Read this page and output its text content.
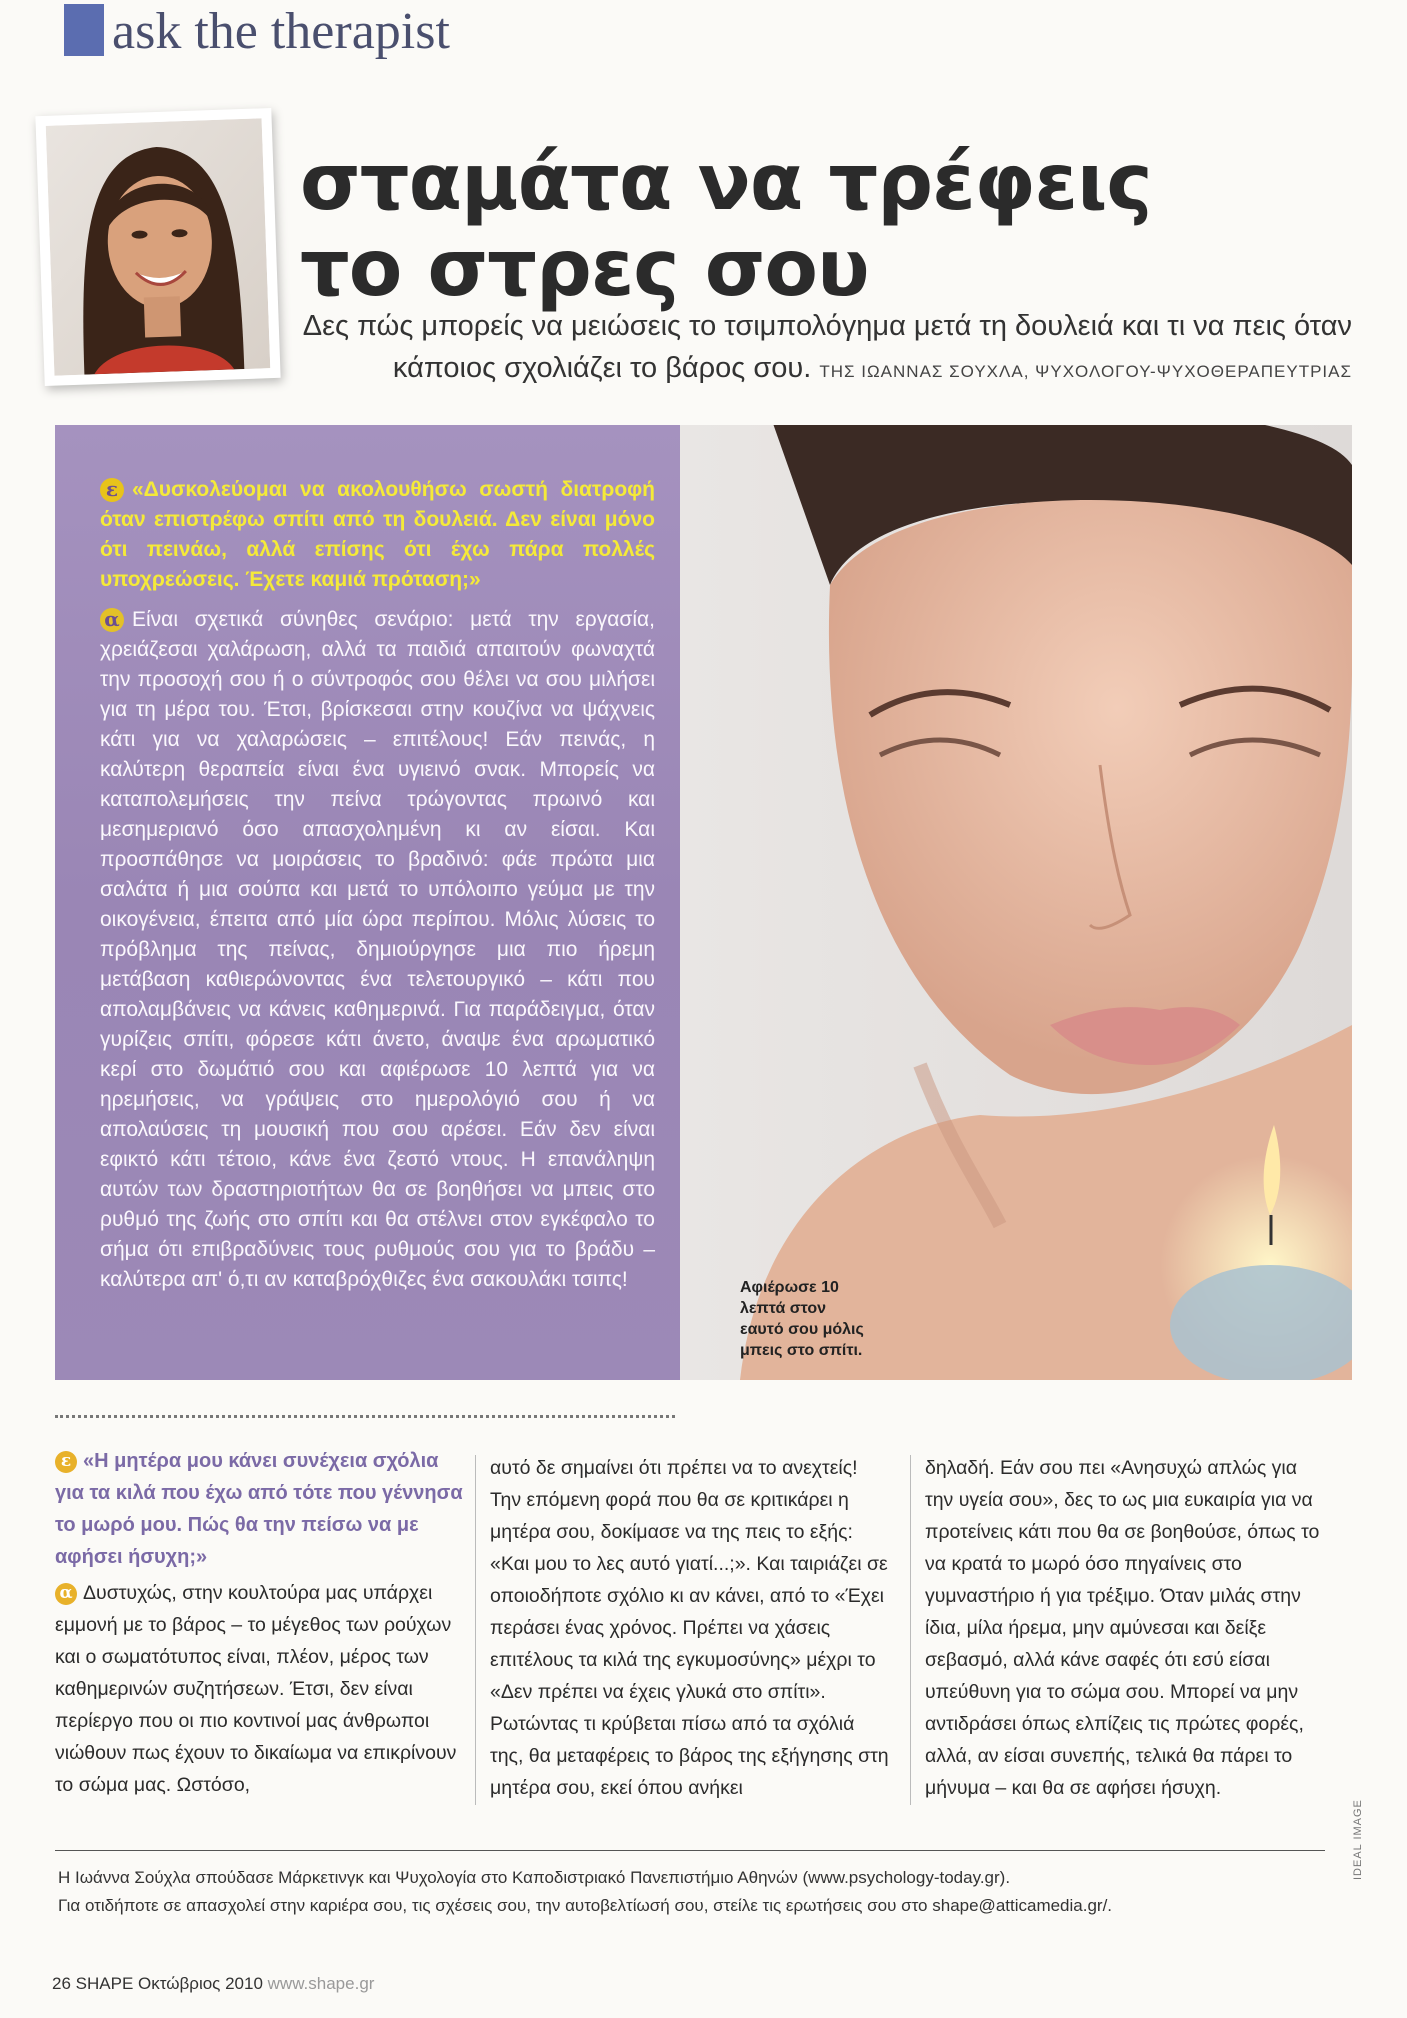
ask the therapist
σταμάτα να τρέφεις
το στρες σου
Δες πώς μπορείς να μειώσεις το τσιμπολόγημα μετά τη δουλειά και τι να πεις όταν
κάποιος σχολιάζει το βάρος σου. ΤΗΣ ΙΩΑΝΝΑΣ ΣΟΥΧΛΑ, ΨΥΧΟΛΟΓΟΥ-ΨΥΧΟΘΕΡΑΠΕΥΤΡΙΑΣ

ε «Δυσκολεύομαι να ακολουθήσω σωστή διατροφή όταν επιστρέφω σπίτι από τη δουλειά. Δεν είναι μόνο ότι πεινάω, αλλά επίσης ότι έχω πάρα πολλές υποχρεώσεις. Έχετε καμιά πρόταση;»

α Είναι σχετικά σύνηθες σενάριο: μετά την εργασία, χρειάζεσαι χαλάρωση, αλλά τα παιδιά απαιτούν φωναχτά την προσοχή σου ή ο σύντροφός σου θέλει να σου μιλήσει για τη μέρα του. Έτσι, βρίσκεσαι στην κουζίνα να ψάχνεις κάτι για να χαλαρώσεις – επιτέλους! Εάν πεινάς, η καλύτερη θεραπεία είναι ένα υγιεινό σνακ. Μπορείς να καταπολεμήσεις την πείνα τρώγοντας πρωινό και μεσημεριανό όσο απασχολημένη κι αν είσαι. Και προσπάθησε να μοιράσεις το βραδινό: φάε πρώτα μια σαλάτα ή μια σούπα και μετά το υπόλοιπο γεύμα με την οικογένεια, έπειτα από μία ώρα περίπου. Μόλις λύσεις το πρόβλημα της πείνας, δημιούργησε μια πιο ήρεμη μετάβαση καθιερώνοντας ένα τελετουργικό – κάτι που απολαμβάνεις να κάνεις καθημερινά. Για παράδειγμα, όταν γυρίζεις σπίτι, φόρεσε κάτι άνετο, άναψε ένα αρωματικό κερί στο δωμάτιό σου και αφιέρωσε 10 λεπτά για να ηρεμήσεις, να γράψεις στο ημερολόγιό σου ή να απολαύσεις τη μουσική που σου αρέσει. Εάν δεν είναι εφικτό κάτι τέτοιο, κάνε ένα ζεστό ντους. Η επανάληψη αυτών των δραστηριοτήτων θα σε βοηθήσει να μπεις στο ρυθμό της ζωής στο σπίτι και θα στέλνει στον εγκέφαλο το σήμα ότι επιβραδύνεις τους ρυθμούς σου για το βράδυ – καλύτερα απ' ό,τι αν καταβρόχθιζες ένα σακουλάκι τσιπς!	Αφιέρωσε 10 λεπτά στον εαυτό σου μόλις μπεις στο σπίτι.

ε «Η μητέρα μου κάνει συνέχεια σχόλια για τα κιλά που έχω από τότε που γέννησα το μωρό μου. Πώς θα την πείσω να με αφήσει ήσυχη;»

α Δυστυχώς, στην κουλτούρα μας υπάρχει εμμονή με το βάρος – το μέγεθος των ρούχων και ο σωματότυπος είναι, πλέον, μέρος των καθημερινών συζητήσεων. Έτσι, δεν είναι περίεργο που οι πιο κοντινοί μας άνθρωποι νιώθουν πως έχουν το δικαίωμα να επικρίνουν το σώμα μας. Ωστόσο,

αυτό δε σημαίνει ότι πρέπει να το ανεχτείς! Την επόμενη φορά που θα σε κριτικάρει η μητέρα σου, δοκίμασε να της πεις το εξής: «Και μου το λες αυτό γιατί...;». Και ταιριάζει σε οποιοδήποτε σχόλιο κι αν κάνει, από το «Έχει περάσει ένας χρόνος. Πρέπει να χάσεις επιτέλους τα κιλά της εγκυμοσύνης» μέχρι το «Δεν πρέπει να έχεις γλυκά στο σπίτι». Ρωτώντας τι κρύβεται πίσω από τα σχόλιά της, θα μεταφέρεις το βάρος της εξήγησης στη μητέρα σου, εκεί όπου ανήκει

δηλαδή. Εάν σου πει «Ανησυχώ απλώς για την υγεία σου», δες το ως μια ευκαιρία για να προτείνεις κάτι που θα σε βοηθούσε, όπως το να κρατά το μωρό όσο πηγαίνεις στο γυμναστήριο ή για τρέξιμο. Όταν μιλάς στην ίδια, μίλα ήρεμα, μην αμύνεσαι και δείξε σεβασμό, αλλά κάνε σαφές ότι εσύ είσαι υπεύθυνη για το σώμα σου. Μπορεί να μην αντιδράσει όπως ελπίζεις τις πρώτες φορές, αλλά, αν είσαι συνεπής, τελικά θα πάρει το μήνυμα – και θα σε αφήσει ήσυχη.

Η Ιωάννα Σούχλα σπούδασε Μάρκετινγκ και Ψυχολογία στο Καποδιστριακό Πανεπιστήμιο Αθηνών (www.psychology-today.gr).
Για οτιδήποτε σε απασχολεί στην καριέρα σου, τις σχέσεις σου, την αυτοβελτίωσή σου, στείλε τις ερωτήσεις σου στο shape@atticamedia.gr/.
26 SHAPE Οκτώβριος 2010 www.shape.gr
IDEAL IMAGE
